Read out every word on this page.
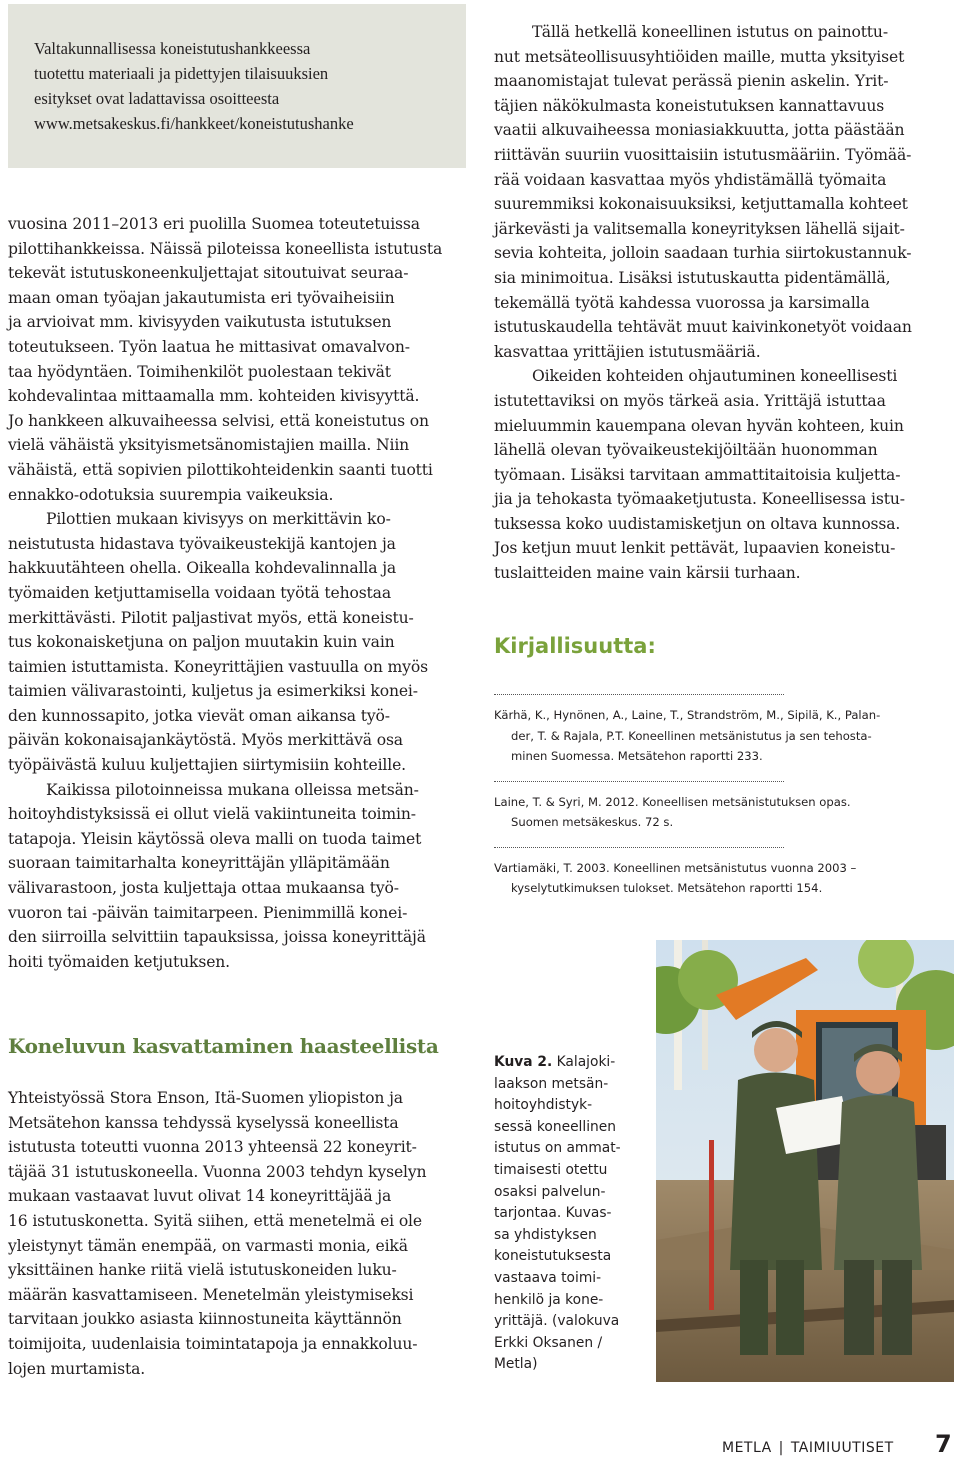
Valtakunnallisessa koneistutushankkeessa
tuotettu materiaali ja pidettyjen tilaisuuksien
esitykset ovat ladattavissa osoitteesta
www.metsakeskus.fi/hankkeet/koneistutushanke
vuosina 2011–2013 eri puolilla Suomea toteutetuissa
pilottihankkeissa. Näissä piloteissa koneellista istutusta
tekevät istutuskoneenkuljettajat sitoutuivat seuraa-
maan oman työajan jakautumista eri työvaiheisiin
ja arvioivat mm. kivisyyden vaikutusta istutuksen
toteutukseen. Työn laatua he mittasivat omavalvon-
taa hyödyntäen. Toimihenkilöt puolestaan tekivät
kohdevalintaa mittaamalla mm. kohteiden kivisyyttä.
Jo hankkeen alkuvaiheessa selvisi, että koneistutus on
vielä vähäistä yksityismetsänomistajien mailla. Niin
vähäistä, että sopivien pilottikohteidenkin saanti tuotti
ennakko-odotuksia suurempia vaikeuksia.
Pilottien mukaan kivisyys on merkittävin ko-
neistutusta hidastava työvaikeustekijä kantojen ja
hakkuutähteen ohella. Oikealla kohdevalinnalla ja
työmaiden ketjuttamisella voidaan työtä tehostaa
merkittävästi. Pilotit paljastivat myös, että koneistu-
tus kokonaisketjuna on paljon muutakin kuin vain
taimien istuttamista. Koneyrittäjien vastuulla on myös
taimien välivarastointi, kuljetus ja esimerkiksi konei-
den kunnossapito, jotka vievät oman aikansa työ-
päivän kokonaisajankäytöstä. Myös merkittävä osa
työpäivästä kuluu kuljettajien siirtymisiin kohteille.
Kaikissa pilotoinneissa mukana olleissa metsän-
hoitoyhdistyksissä ei ollut vielä vakiintuneita toimin-
tatapoja. Yleisin käytössä oleva malli on tuoda taimet
suoraan taimitarhalta koneyrittäjän ylläpitämään
välivarastoon, josta kuljettaja ottaa mukaansa työ-
vuoron tai -päivän taimitarpeen. Pienimmillä konei-
den siirroilla selvittiin tapauksissa, joissa koneyrittäjä
hoiti työmaiden ketjutuksen.
Tällä hetkellä koneellinen istutus on painottu-
nut metsäteollisuusyhtiöiden maille, mutta yksityiset
maanomistajat tulevat perässä pienin askelin. Yrit-
täjien näkökulmasta koneistutuksen kannattavuus
vaatii alkuvaiheessa moniasiakkuutta, jotta päästään
riittävän suuriin vuosittaisiin istutusmääriin. Työmää-
rää voidaan kasvattaa myös yhdistämällä työmaita
suuremmiksi kokonaisuuksiksi, ketjuttamalla kohteet
järkevästi ja valitsemalla koneyrityksen lähellä sijait-
sevia kohteita, jolloin saadaan turhia siirtokustannuk-
sia minimoitua. Lisäksi istutuskautta pidentämällä,
tekemällä työtä kahdessa vuorossa ja karsimalla
istutuskaudella tehtävät muut kaivinkonetyöt voidaan
kasvattaa yrittäjien istutusmääriä.
Oikeiden kohteiden ohjautuminen koneellisesti
istutettaviksi on myös tärkeä asia. Yrittäjä istuttaa
mieluummin kauempana olevan hyvän kohteen, kuin
lähellä olevan työvaikeustekijöiltään huonomman
työmaan. Lisäksi tarvitaan ammattitaitoisia kuljetta-
jia ja tehokasta työmaaketjutusta. Koneellisessa istu-
tuksessa koko uudistamisketjun on oltava kunnossa.
Jos ketjun muut lenkit pettävät, lupaavien koneistu-
tuslaitteiden maine vain kärsii turhaan.
Kirjallisuutta:
Kärhä, K., Hynönen, A., Laine, T., Strandström, M., Sipilä, K., Palan-
der, T. & Rajala, P.T. Koneellinen metsänistutus ja sen tehosta-
minen Suomessa. Metsätehon raportti 233.
Laine, T. & Syri, M. 2012. Koneellisen metsänistutuksen opas.
Suomen metsäkeskus. 72 s.
Vartiamäki, T. 2003. Koneellinen metsänistutus vuonna 2003 –
kyselytutkimuksen tulokset. Metsätehon raportti 154.
Koneluvun kasvattaminen haasteellista
Yhteistyössä Stora Enson, Itä-Suomen yliopiston ja
Metsätehon kanssa tehdyssä kyselyssä koneellista
istutusta toteutti vuonna 2013 yhteensä 22 koneyrit-
täjää 31 istutuskoneella. Vuonna 2003 tehdyn kyselyn
mukaan vastaavat luvut olivat 14 koneyrittäjää ja
16 istutuskonetta. Syitä siihen, että menetelmä ei ole
yleistynyt tämän enempää, on varmasti monia, eikä
yksittäinen hanke riitä vielä istutuskoneiden luku-
määrän kasvattamiseen. Menetelmän yleistymiseksi
tarvitaan joukko asiasta kiinnostuneita käyttännön
toimijoita, uudenlaisia toimintatapoja ja ennakkoluu-
lojen murtamista.
Kuva 2. Kalajoki-
laakson metsän-
hoitoyhdistyk-
sessä koneellinen
istutus on ammat-
timaisesti otettu
osaksi palvelun-
tarjontaa. Kuvas-
sa yhdistyksen
koneistutuksesta
vastaava toimi-
henkilö ja kone-
yrittäjä. (valokuva
Erkki Oksanen /
Metla)
METLA | TAIMIUUTISET 7
